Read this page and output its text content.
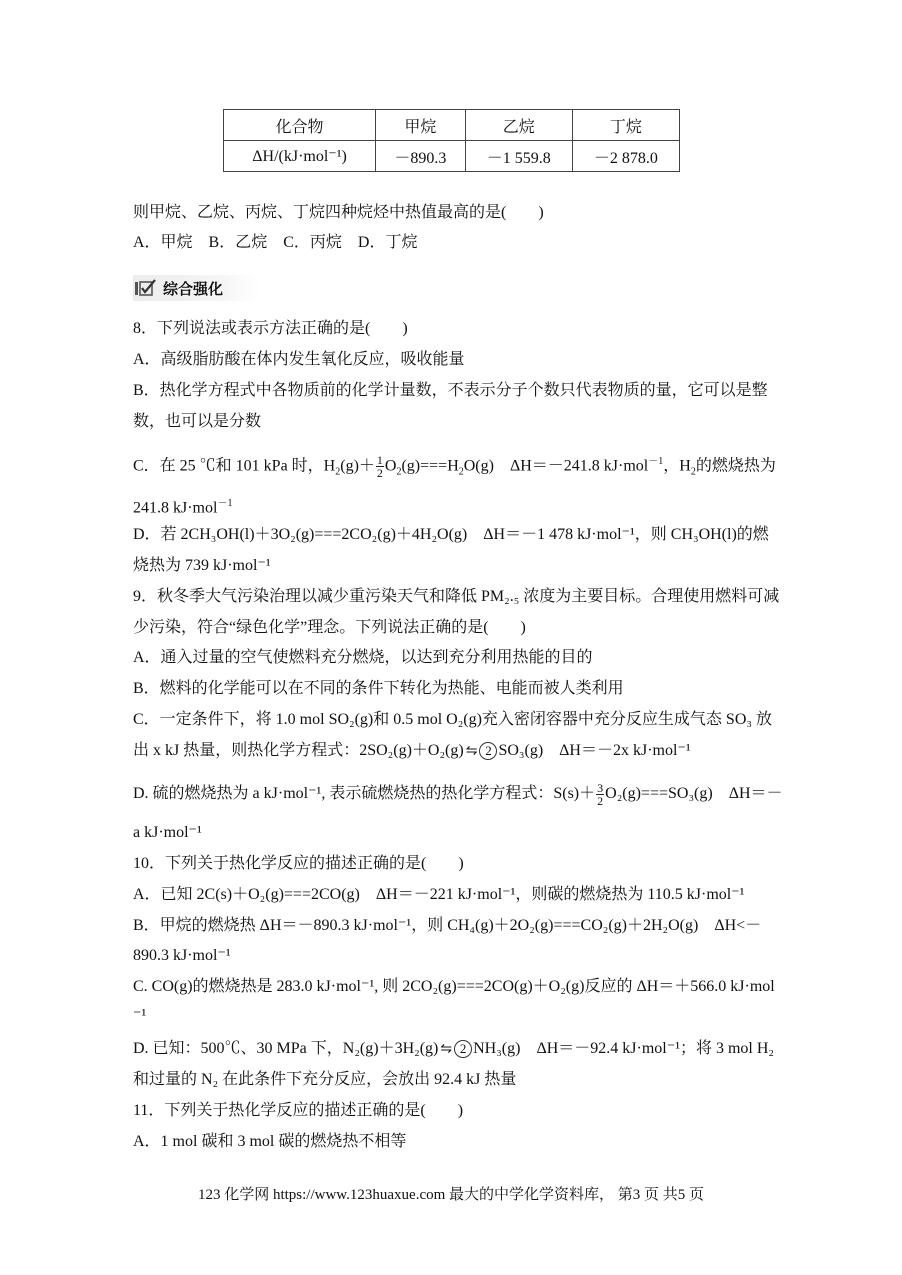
化合物	甲烷	乙烷	丁烷
ΔH/(kJ·mol⁻¹)	－890.3	－1 559.8	－2 878.0
则甲烷、乙烷、丙烷、丁烷四种烷烃中热值最高的是(　　)
A．甲烷　B．乙烷　C．丙烷　D．丁烷
综合强化
8．下列说法或表示方法正确的是(　　)
A．高级脂肪酸在体内发生氧化反应，吸收能量
B．热化学方程式中各物质前的化学计量数，不表示分子个数只代表物质的量，它可以是整
数，也可以是分数
C．在 25 ℃和 101 kPa 时，$H_2(g)+ \frac{1}{2} O_2(g)===H_2O(g)$　ΔH＝－241.8 kJ·mol$^{-1}$，$H_2$的燃烧热为
241.8 kJ·mol$^{-1}$
D．若 2CH₃OH(l)＋3O₂(g)===2CO₂(g)＋4H₂O(g)　ΔH＝－1 478 kJ·mol⁻¹，则 CH₃OH(l)的燃
烧热为 739 kJ·mol⁻¹
9．秋冬季大气污染治理以减少重污染天气和降低 PM₂.₅ 浓度为主要目标。合理使用燃料可减
少污染，符合“绿色化学”理念。下列说法正确的是(　　)
A．通入过量的空气使燃料充分燃烧，以达到充分利用热能的目的
B．燃料的化学能可以在不同的条件下转化为热能、电能而被人类利用
C．一定条件下，将 1.0 mol SO₂(g)和 0.5 mol O₂(g)充入密闭容器中充分反应生成气态 SO₃ 放
出 x kJ 热量，则热化学方程式：2SO₂(g)＋O₂(g) ⇋ 2 SO₃(g)　ΔH＝－2x kJ·mol⁻¹
D. 硫的燃烧热为 a kJ·mol⁻¹, 表示硫燃烧热的热化学方程式：$S(s)+ \frac{3}{2} O_2(g)===SO_3(g)$　ΔH＝－
a kJ·mol⁻¹
10．下列关于热化学反应的描述正确的是(　　)
A．已知 2C(s)＋O₂(g)===2CO(g)　ΔH＝－221 kJ·mol⁻¹，则碳的燃烧热为 110.5 kJ·mol⁻¹
B．甲烷的燃烧热 ΔH＝－890.3 kJ·mol⁻¹，则 CH₄(g)＋2O₂(g)===CO₂(g)＋2H₂O(g)　ΔH<－
890.3 kJ·mol⁻¹
C. CO(g)的燃烧热是 283.0 kJ·mol⁻¹, 则 2CO₂(g)===2CO(g)＋O₂(g)反应的 ΔH＝＋566.0 kJ·mol
⁻¹
D. 已知：500℃、30 MPa 下，N₂(g)＋3H₂(g) ⇋ 2 NH₃(g)　ΔH＝－92.4 kJ·mol⁻¹；将 3 mol H₂
和过量的 N₂ 在此条件下充分反应，会放出 92.4 kJ 热量
11．下列关于热化学反应的描述正确的是(　　)
A．1 mol 碳和 3 mol 碳的燃烧热不相等
123 化学网 https://www.123huaxue.com 最大的中学化学资料库， 第3 页 共5 页
